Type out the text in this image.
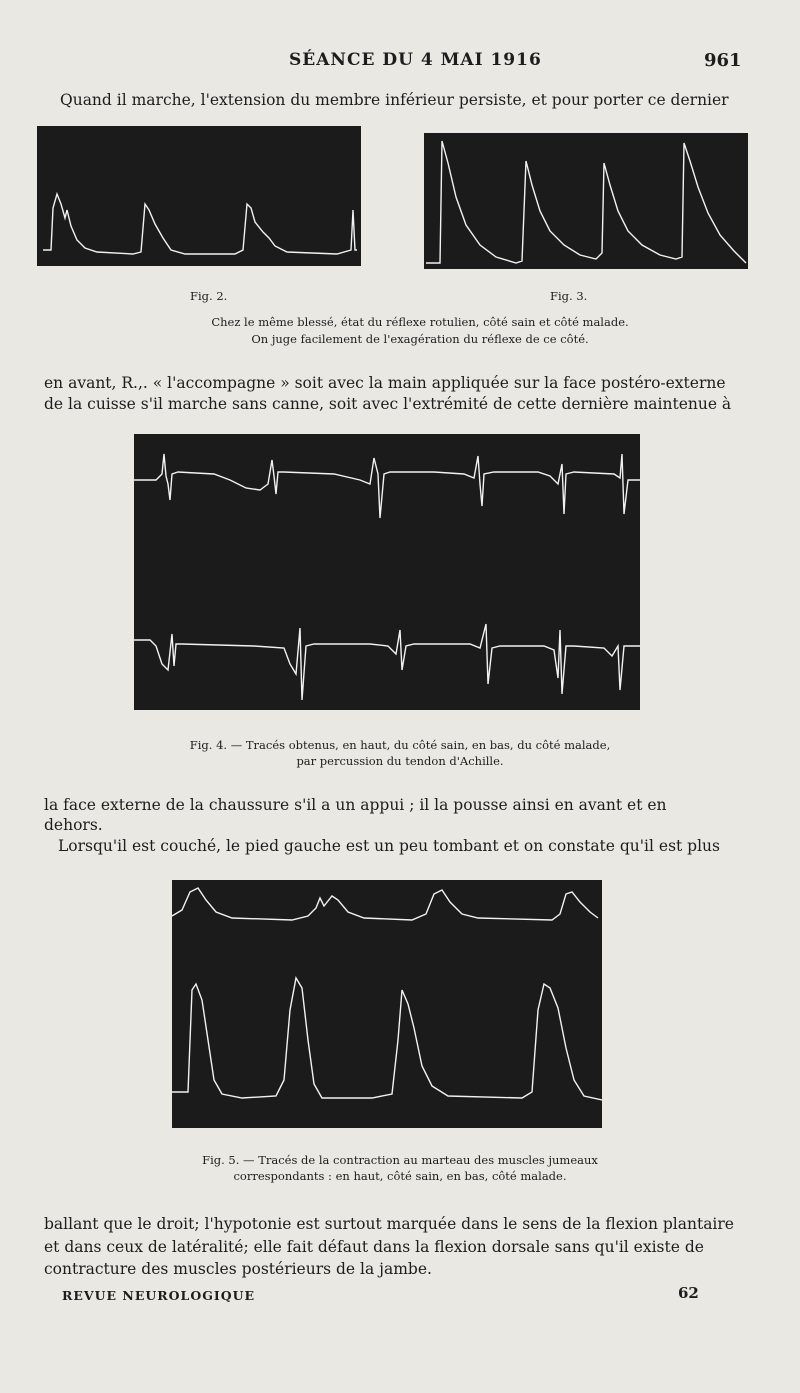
SÉANCE DU 4 MAI 1916	961
Quand il marche, l'extension du membre inférieur persiste, et pour porter ce dernier
Fig. 2.	Fig. 3.
Chez le même blessé, état du réflexe rotulien, côté sain et côté malade.
On juge facilement de l'exagération du réflexe de ce côté.
en avant, R.,. « l'accompagne » soit avec la main appliquée sur la face postéro-externe
de la cuisse s'il marche sans canne, soit avec l'extrémité de cette dernière maintenue à
Fig. 4. — Tracés obtenus, en haut, du côté sain, en bas, du côté malade,
par percussion du tendon d'Achille.
la face externe de la chaussure s'il a un appui ; il la pousse ainsi en avant et en
dehors.
Lorsqu'il est couché, le pied gauche est un peu tombant et on constate qu'il est plus
Fig. 5. — Tracés de la contraction au marteau des muscles jumeaux
correspondants : en haut, côté sain, en bas, côté malade.
ballant que le droit; l'hypotonie est surtout marquée dans le sens de la flexion plantaire
et dans ceux de latéralité; elle fait défaut dans la flexion dorsale sans qu'il existe de
contracture des muscles postérieurs de la jambe.
REVUE NEUROLOGIQUE	62
